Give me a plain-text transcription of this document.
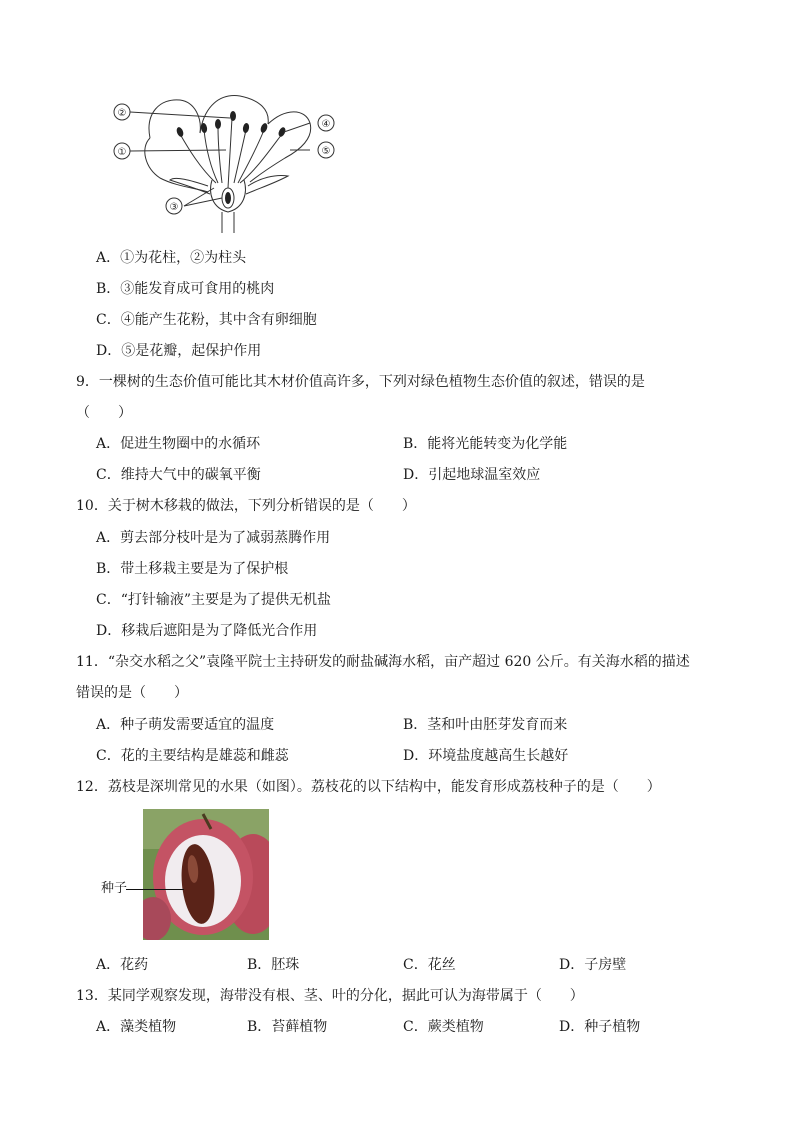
①
②
③
④
⑤
A．①为花柱，②为柱头
B．③能发育成可食用的桃肉
C．④能产生花粉，其中含有卵细胞
D．⑤是花瓣，起保护作用
9．一棵树的生态价值可能比其木材价值高许多，下列对绿色植物生态价值的叙述，错误的是
（　　）
A．促进生物圈中的水循环	B．能将光能转变为化学能
C．维持大气中的碳氧平衡	D．引起地球温室效应
10．关于树木移栽的做法，下列分析错误的是（　　）
A．剪去部分枝叶是为了减弱蒸腾作用
B．带土移栽主要是为了保护根
C．“打针输液”主要是为了提供无机盐
D．移栽后遮阳是为了降低光合作用
11．“杂交水稻之父”袁隆平院士主持研发的耐盐碱海水稻，亩产超过 620 公斤。有关海水稻的描述
错误的是（　　）
A．种子萌发需要适宜的温度	B．茎和叶由胚芽发育而来
C．花的主要结构是雄蕊和雌蕊	D．环境盐度越高生长越好
12．荔枝是深圳常见的水果（如图）。荔枝花的以下结构中，能发育形成荔枝种子的是（　　）
种子
A．花药	B．胚珠	C．花丝	D．子房壁
13．某同学观察发现，海带没有根、茎、叶的分化，据此可认为海带属于（　　）
A．藻类植物	B．苔藓植物	C．蕨类植物	D．种子植物
